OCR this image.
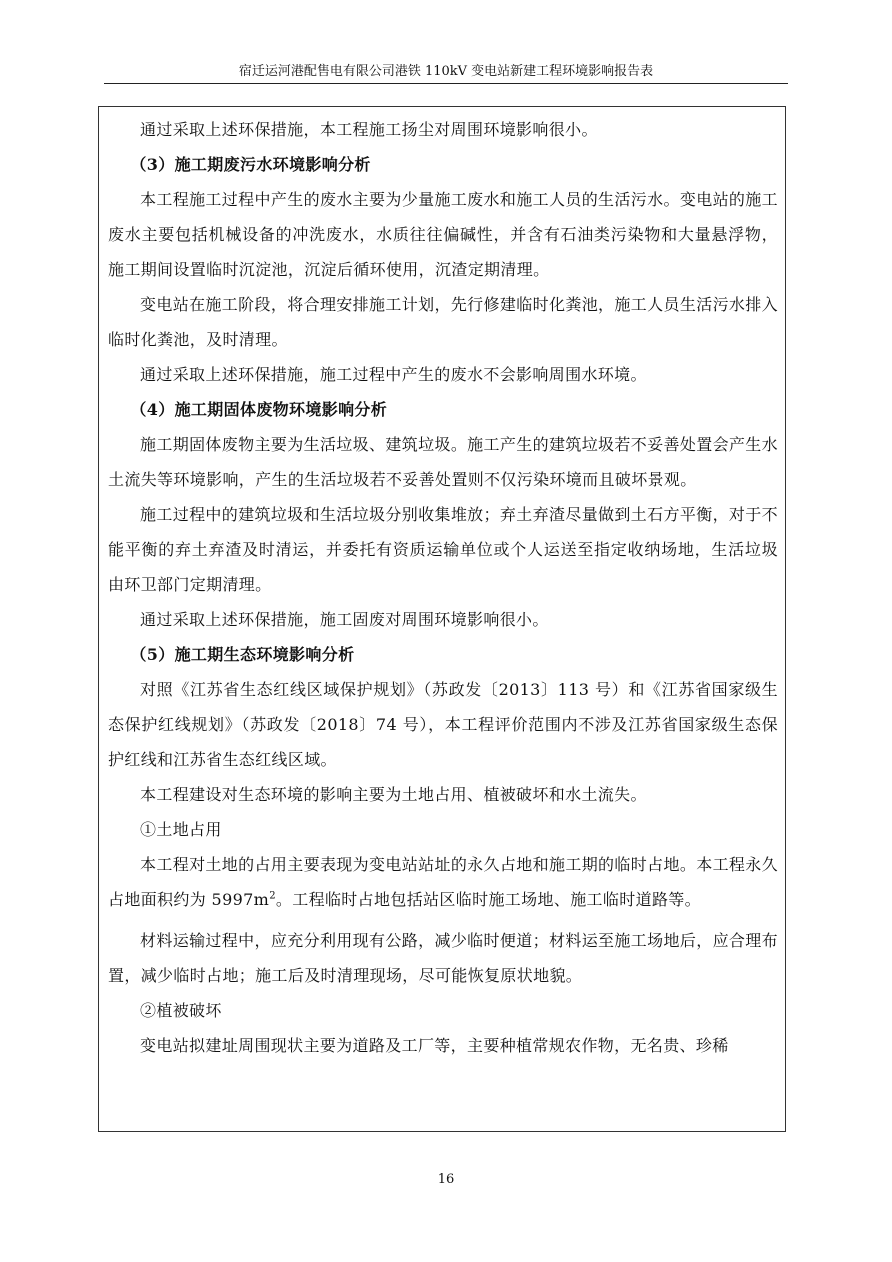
宿迁运河港配售电有限公司港铁 110kV 变电站新建工程环境影响报告表

通过采取上述环保措施，本工程施工扬尘对周围环境影响很小。

（3）施工期废污水环境影响分析

本工程施工过程中产生的废水主要为少量施工废水和施工人员的生活污水。变电站的施工废水主要包括机械设备的冲洗废水，水质往往偏碱性，并含有石油类污染物和大量悬浮物，施工期间设置临时沉淀池，沉淀后循环使用，沉渣定期清理。

变电站在施工阶段，将合理安排施工计划，先行修建临时化粪池，施工人员生活污水排入临时化粪池，及时清理。

通过采取上述环保措施，施工过程中产生的废水不会影响周围水环境。

（4）施工期固体废物环境影响分析

施工期固体废物主要为生活垃圾、建筑垃圾。施工产生的建筑垃圾若不妥善处置会产生水土流失等环境影响，产生的生活垃圾若不妥善处置则不仅污染环境而且破坏景观。

施工过程中的建筑垃圾和生活垃圾分别收集堆放；弃土弃渣尽量做到土石方平衡，对于不能平衡的弃土弃渣及时清运，并委托有资质运输单位或个人运送至指定收纳场地，生活垃圾由环卫部门定期清理。

通过采取上述环保措施，施工固废对周围环境影响很小。

（5）施工期生态环境影响分析

对照《江苏省生态红线区域保护规划》（苏政发〔2013〕113 号）和《江苏省国家级生态保护红线规划》（苏政发〔2018〕74 号），本工程评价范围内不涉及江苏省国家级生态保护红线和江苏省生态红线区域。

本工程建设对生态环境的影响主要为土地占用、植被破坏和水土流失。

①土地占用

本工程对土地的占用主要表现为变电站站址的永久占地和施工期的临时占地。本工程永久占地面积约为 $5997m^2$。工程临时占地包括站区临时施工场地、施工临时道路等。

材料运输过程中，应充分利用现有公路，减少临时便道；材料运至施工场地后，应合理布置，减少临时占地；施工后及时清理现场，尽可能恢复原状地貌。

②植被破坏

变电站拟建址周围现状主要为道路及工厂等，主要种植常规农作物，无名贵、珍稀

16
